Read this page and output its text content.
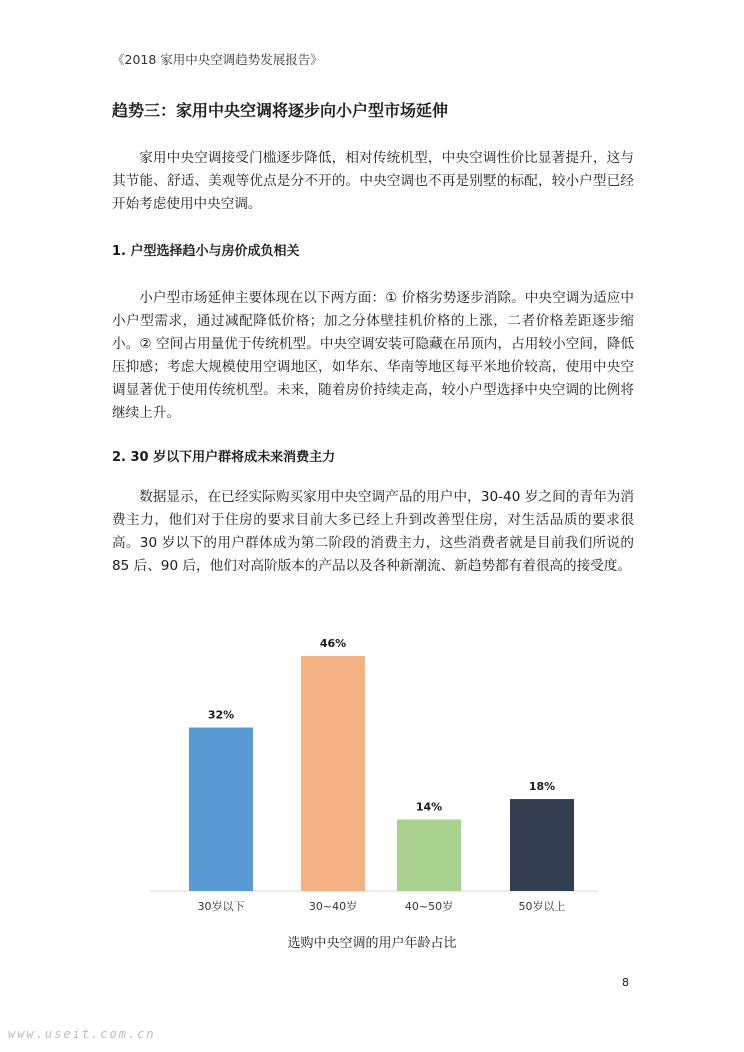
《2018 家用中央空调趋势发展报告》
趋势三：家用中央空调将逐步向小户型市场延伸
家用中央空调接受门槛逐步降低，相对传统机型，中央空调性价比显著提升，这与其节能、舒适、美观等优点是分不开的。中央空调也不再是别墅的标配，较小户型已经开始考虑使用中央空调。
1. 户型选择趋小与房价成负相关
小户型市场延伸主要体现在以下两方面：① 价格劣势逐步消除。中央空调为适应中小户型需求，通过减配降低价格；加之分体壁挂机价格的上涨，二者价格差距逐步缩小。② 空间占用量优于传统机型。中央空调安装可隐藏在吊顶内，占用较小空间，降低压抑感；考虑大规模使用空调地区，如华东、华南等地区每平米地价较高，使用中央空调显著优于使用传统机型。未来，随着房价持续走高，较小户型选择中央空调的比例将继续上升。
2. 30 岁以下用户群将成未来消费主力
数据显示，在已经实际购买家用中央空调产品的用户中，30-40 岁之间的青年为消费主力，他们对于住房的要求目前大多已经上升到改善型住房，对生活品质的要求很高。30 岁以下的用户群体成为第二阶段的消费主力，这些消费者就是目前我们所说的 85 后、90 后，他们对高阶版本的产品以及各种新潮流、新趋势都有着很高的接受度。
32%
30岁以下
46%
30~40岁
14%
40~50岁
18%
50岁以上
选购中央空调的用户年龄占比
8
www.useit.com.cn
